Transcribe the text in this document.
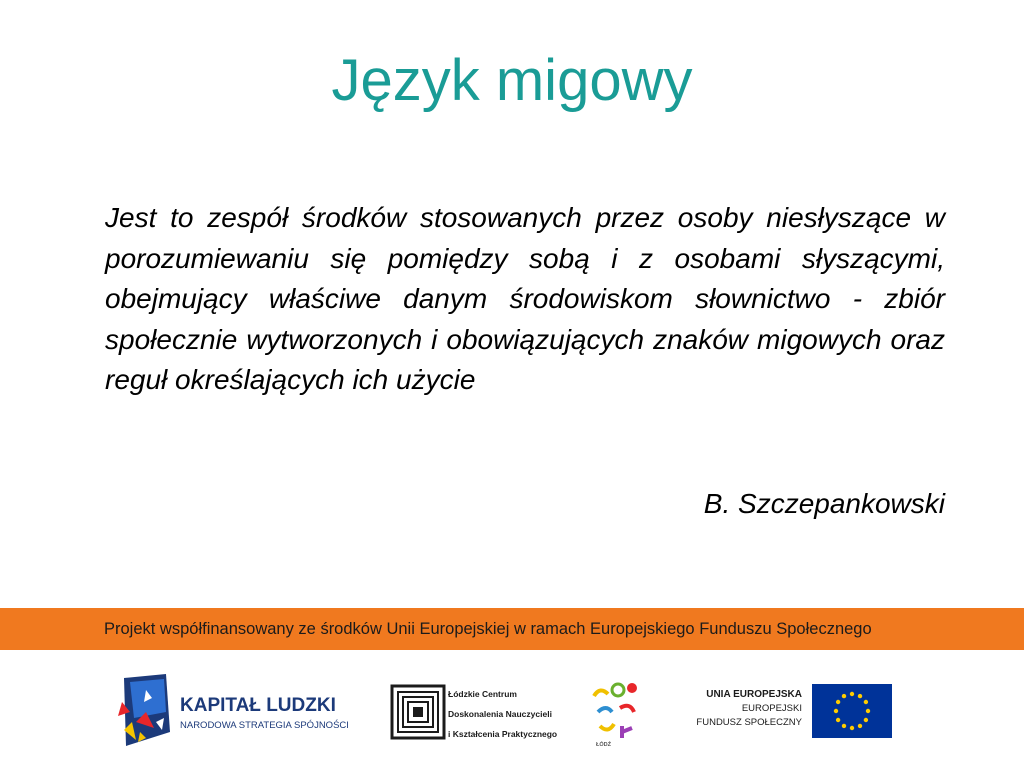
Język migowy
Jest to zespół środków stosowanych przez osoby niesłyszące w porozumiewaniu się pomiędzy sobą i z osobami słyszącymi, obejmujący właściwe danym środowiskom słownictwo - zbiór społecznie wytworzonych i obowiązujących znaków migowych oraz reguł określających ich użycie
B. Szczepankowski
Projekt współfinansowany ze środków Unii Europejskiej w ramach Europejskiego Funduszu Społecznego
KAPITAŁ LUDZKI
NARODOWA STRATEGIA SPÓJNOŚCI
Łódzkie Centrum
Doskonalenia Nauczycieli
i Kształcenia Praktycznego
ŁÓDŹ
UNIA EUROPEJSKA
EUROPEJSKI
FUNDUSZ SPOŁECZNY
